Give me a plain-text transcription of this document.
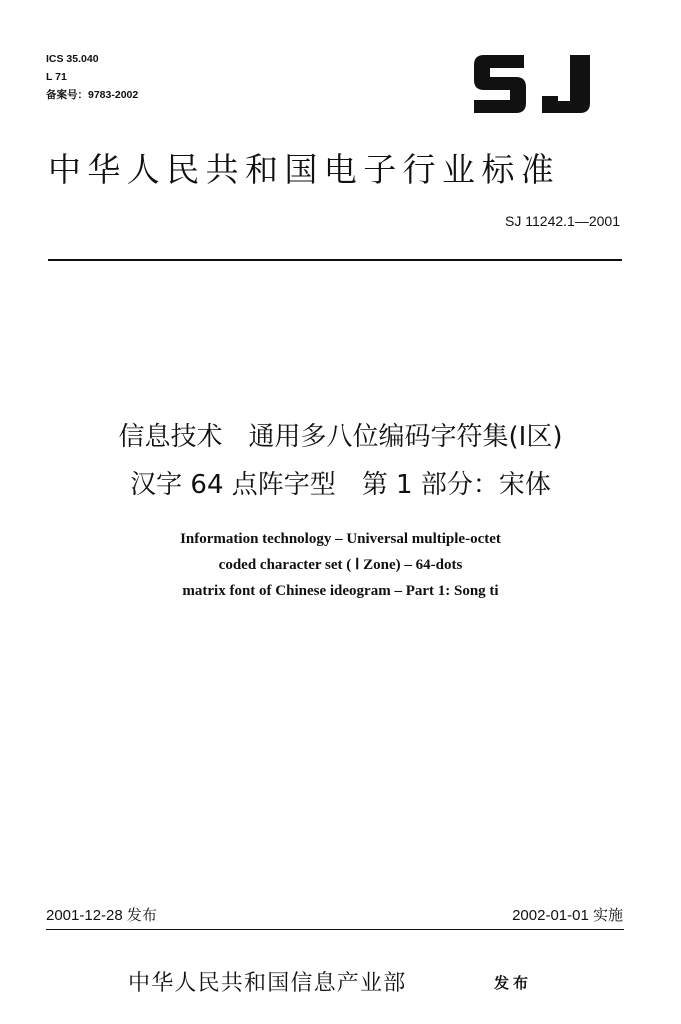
ICS 35.040
L 71
备案号：9783-2002
中华人民共和国电子行业标准
SJ 11242.1—2001
信息技术　通用多八位编码字符集(Ⅰ区)
汉字 64 点阵字型　第 1 部分：宋体
Information technology – Universal multiple-octet
coded character set ( Ⅰ Zone) – 64-dots
matrix font of Chinese ideogram – Part 1: Song ti
2001-12-28 发布	2002-01-01 实施
中华人民共和国信息产业部	发布
